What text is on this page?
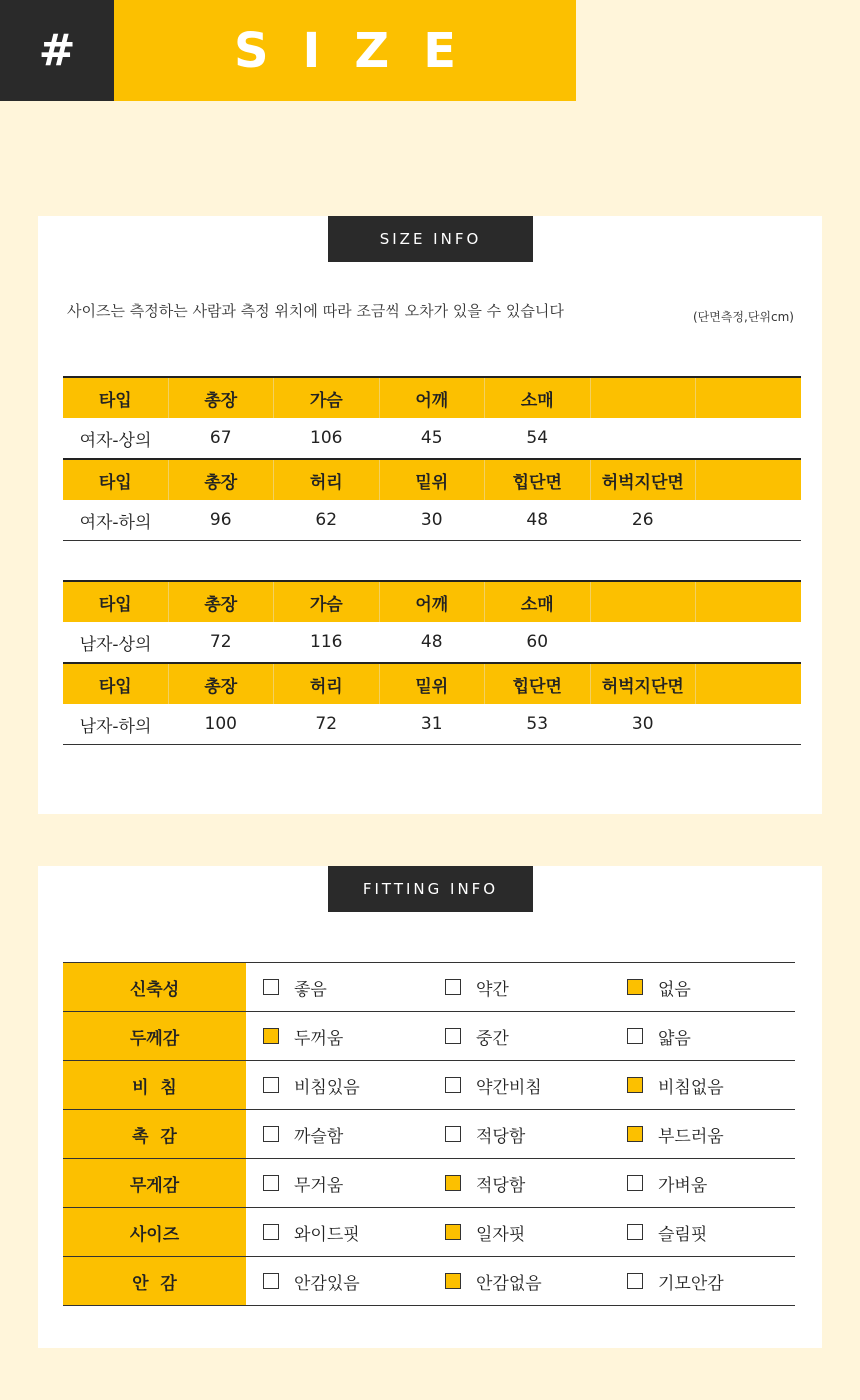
#	SIZE
SIZE INFO
사이즈는 측정하는 사람과 측정 위치에 따라 조금씩 오차가 있을 수 있습니다	(단면측정,단위cm)
타입	총장	가슴	어깨	소매		
여자-상의	67	106	45	54		
타입	총장	허리	밑위	힙단면	허벅지단면	
여자-하의	96	62	30	48	26	
타입	총장	가슴	어깨	소매		
남자-상의	72	116	48	60		
타입	총장	허리	밑위	힙단면	허벅지단면	
남자-하의	100	72	31	53	30	
FITTING INFO
신축성	좋음	약간	없음

두께감	두꺼움	중간	얇음

비  침	비침있음	약간비침	비침없음

촉  감	까슬함	적당함	부드러움

무게감	무거움	적당함	가벼움

사이즈	와이드핏	일자핏	슬림핏

안  감	안감있음	안감없음	기모안감
